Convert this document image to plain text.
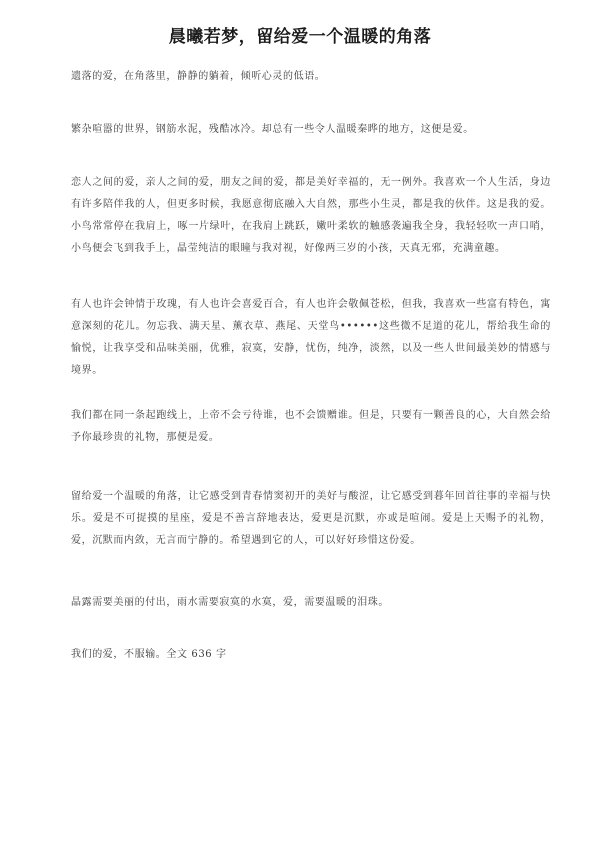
晨曦若梦，留给爱一个温暖的角落
遗落的爱，在角落里，静静的躺着，倾听心灵的低语。
繁杂喧嚣的世界，钢筋水泥，残酷冰冷。却总有一些令人温暖秦晔的地方，这便是爱。
恋人之间的爱，亲人之间的爱，朋友之间的爱，都是美好幸福的，无一例外。我喜欢一个人生活，身边有许多陪伴我的人，但更多时候，我愿意彻底融入大自然，那些小生灵，都是我的伙伴。这是我的爱。小鸟常常停在我肩上，啄一片绿叶，在我肩上跳跃，嫩叶柔软的触感袭遍我全身，我轻轻吹一声口哨，小鸟便会飞到我手上，晶莹纯洁的眼瞳与我对视，好像两三岁的小孩，天真无邪，充满童趣。
有人也许会钟情于玫瑰，有人也许会喜爱百合，有人也许会敬佩苍松，但我，我喜欢一些富有特色，寓意深刻的花儿。勿忘我、满天星、薰衣草、燕尾、天堂鸟••••••这些微不足道的花儿，帮给我生命的愉悦，让我享受和品味美丽，优雅，寂寞，安静，忧伤，纯净，淡然，以及一些人世间最美妙的情感与境界。
我们都在同一条起跑线上，上帝不会亏待谁，也不会馈赠谁。但是，只要有一颗善良的心，大自然会给予你最珍贵的礼物，那便是爱。
留给爱一个温暖的角落，让它感受到青春情窦初开的美好与酸涩，让它感受到暮年回首往事的幸福与快乐。爱是不可捉摸的星座，爱是不善言辞地表达，爱更是沉默，亦或是喧闹。爱是上天赐予的礼物，爱，沉默而内敛，无言而宁静的。希望遇到它的人，可以好好珍惜这份爱。
晶露需要美丽的付出，雨水需要寂寞的水寞，爱，需要温暖的泪珠。
我们的爱，不服输。全文 636 字
